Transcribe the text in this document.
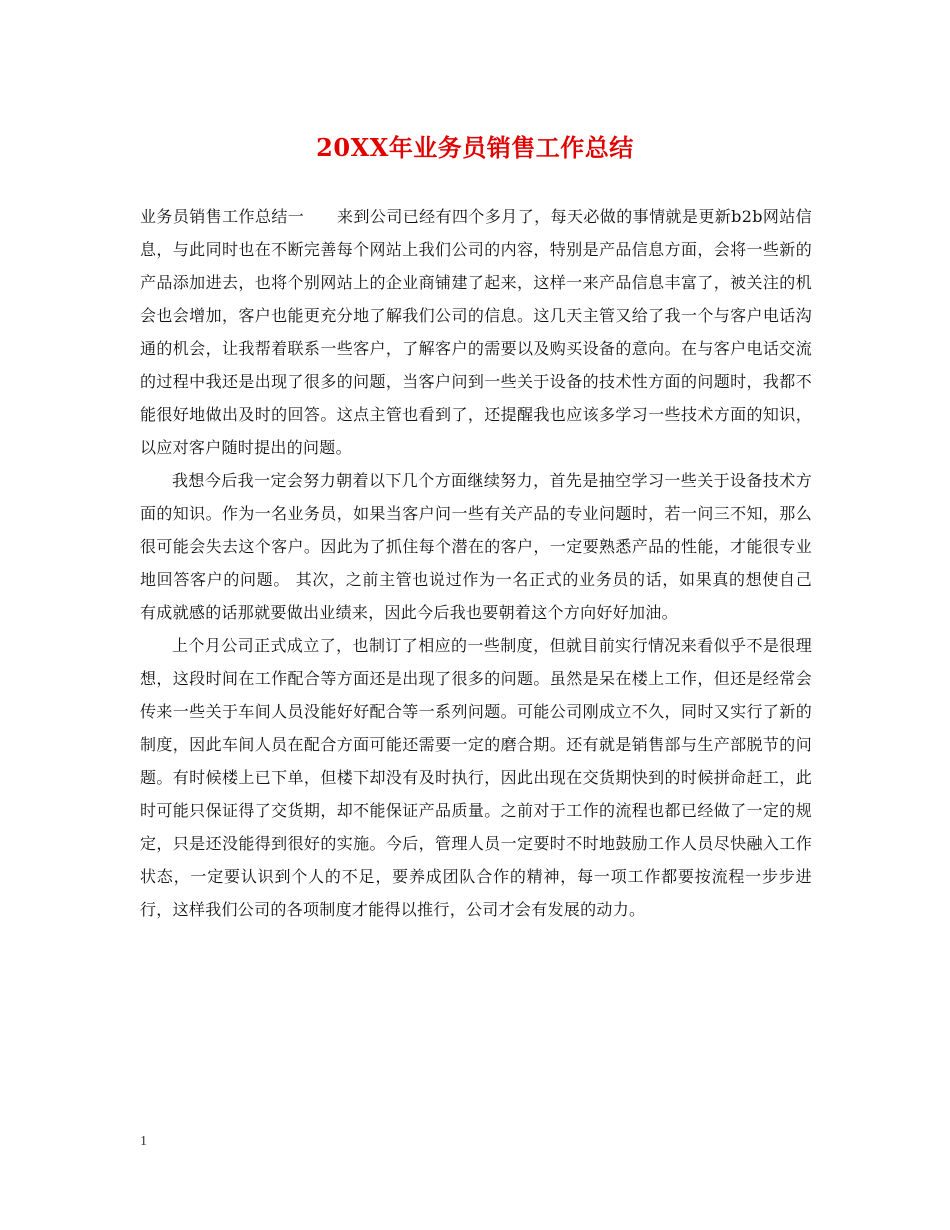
20XX年业务员销售工作总结

业务员销售工作总结一　　来到公司已经有四个多月了，每天必做的事情就是更新b2b网站信息，与此同时也在不断完善每个网站上我们公司的内容，特别是产品信息方面，会将一些新的产品添加进去，也将个别网站上的企业商铺建了起来，这样一来产品信息丰富了，被关注的机会也会增加，客户也能更充分地了解我们公司的信息。这几天主管又给了我一个与客户电话沟通的机会，让我帮着联系一些客户，了解客户的需要以及购买设备的意向。在与客户电话交流的过程中我还是出现了很多的问题，当客户问到一些关于设备的技术性方面的问题时，我都不能很好地做出及时的回答。这点主管也看到了，还提醒我也应该多学习一些技术方面的知识，以应对客户随时提出的问题。

我想今后我一定会努力朝着以下几个方面继续努力，首先是抽空学习一些关于设备技术方面的知识。作为一名业务员，如果当客户问一些有关产品的专业问题时，若一问三不知，那么很可能会失去这个客户。因此为了抓住每个潜在的客户，一定要熟悉产品的性能，才能很专业地回答客户的问题。 其次，之前主管也说过作为一名正式的业务员的话，如果真的想使自己有成就感的话那就要做出业绩来，因此今后我也要朝着这个方向好好加油。

上个月公司正式成立了，也制订了相应的一些制度，但就目前实行情况来看似乎不是很理想，这段时间在工作配合等方面还是出现了很多的问题。虽然是呆在楼上工作，但还是经常会传来一些关于车间人员没能好好配合等一系列问题。可能公司刚成立不久，同时又实行了新的制度，因此车间人员在配合方面可能还需要一定的磨合期。还有就是销售部与生产部脱节的问题。有时候楼上已下单，但楼下却没有及时执行，因此出现在交货期快到的时候拼命赶工，此时可能只保证得了交货期，却不能保证产品质量。之前对于工作的流程也都已经做了一定的规定，只是还没能得到很好的实施。今后，管理人员一定要时不时地鼓励工作人员尽快融入工作状态，一定要认识到个人的不足，要养成团队合作的精神，每一项工作都要按流程一步步进行，这样我们公司的各项制度才能得以推行，公司才会有发展的动力。

1
